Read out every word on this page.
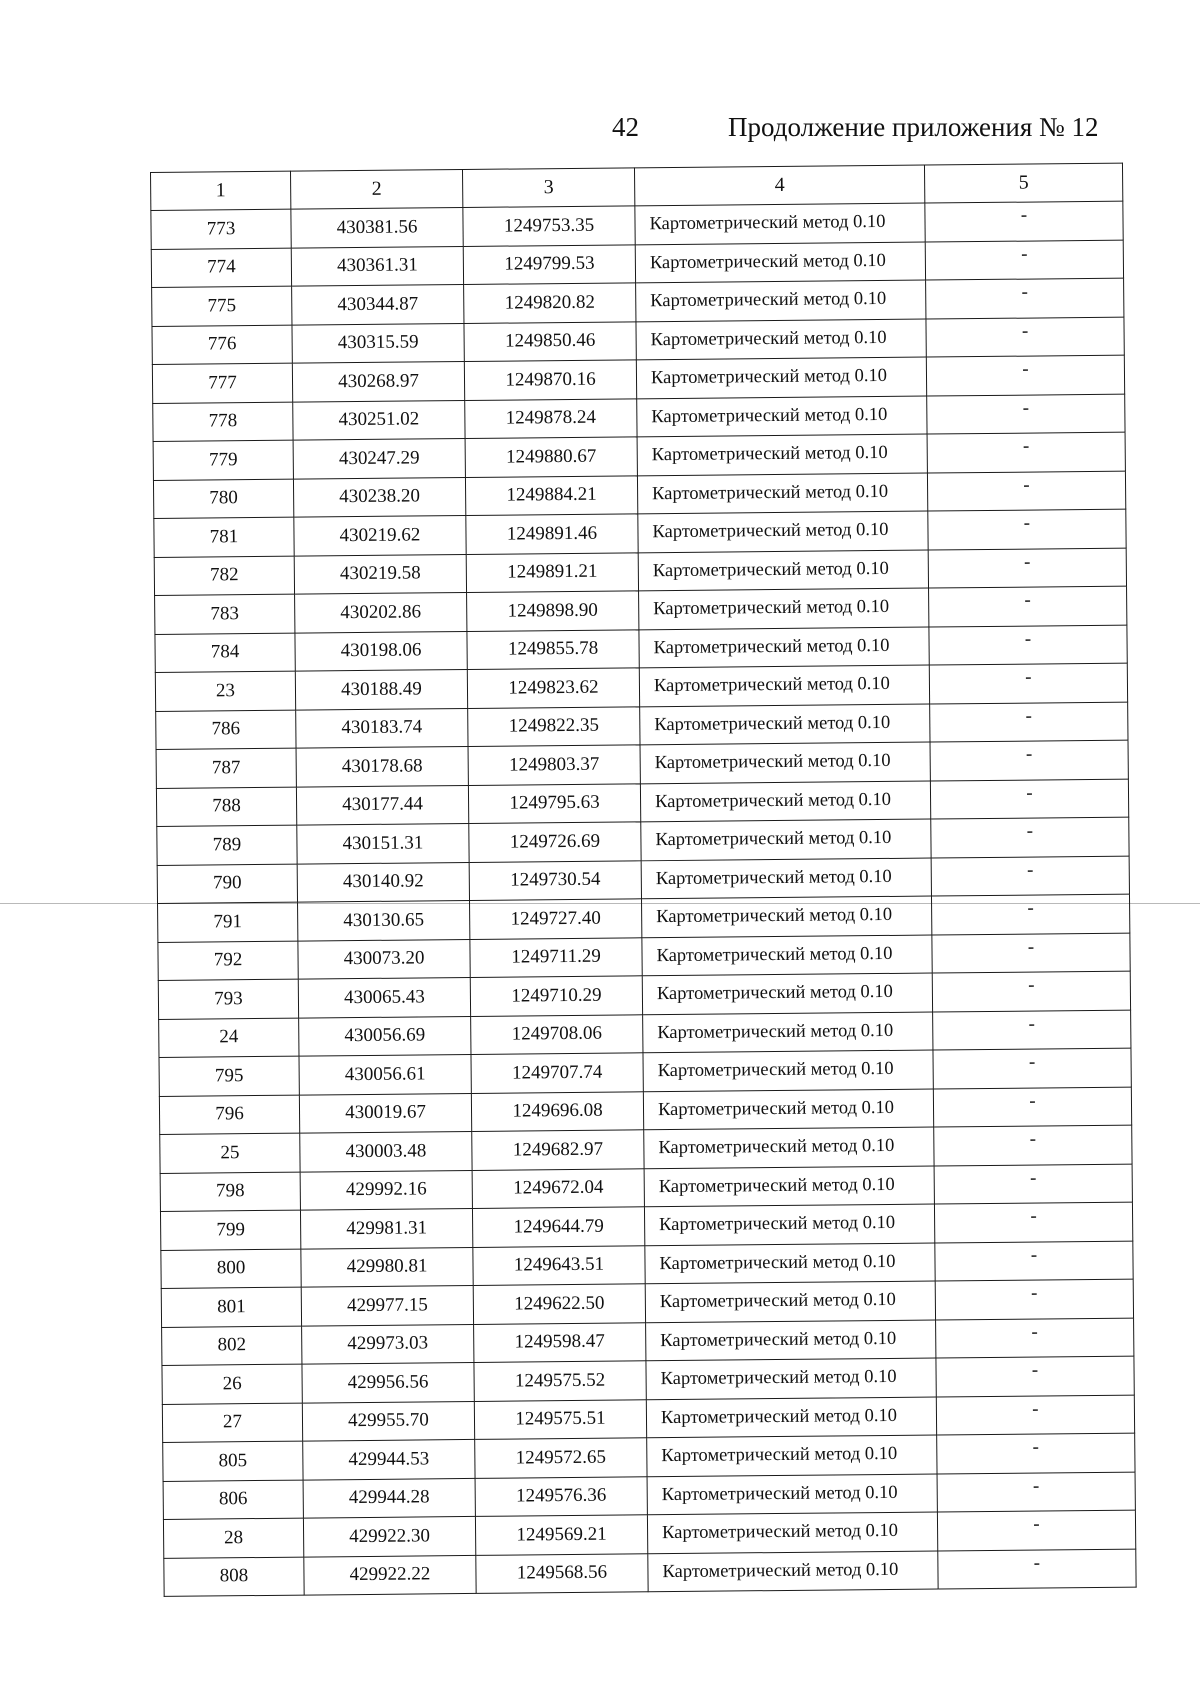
42	Продолжение приложения № 12
1	2	3	4	5
773	430381.56	1249753.35	Картометрический метод 0.10	-
774	430361.31	1249799.53	Картометрический метод 0.10	-
775	430344.87	1249820.82	Картометрический метод 0.10	-
776	430315.59	1249850.46	Картометрический метод 0.10	-
777	430268.97	1249870.16	Картометрический метод 0.10	-
778	430251.02	1249878.24	Картометрический метод 0.10	-
779	430247.29	1249880.67	Картометрический метод 0.10	-
780	430238.20	1249884.21	Картометрический метод 0.10	-
781	430219.62	1249891.46	Картометрический метод 0.10	-
782	430219.58	1249891.21	Картометрический метод 0.10	-
783	430202.86	1249898.90	Картометрический метод 0.10	-
784	430198.06	1249855.78	Картометрический метод 0.10	-
23	430188.49	1249823.62	Картометрический метод 0.10	-
786	430183.74	1249822.35	Картометрический метод 0.10	-
787	430178.68	1249803.37	Картометрический метод 0.10	-
788	430177.44	1249795.63	Картометрический метод 0.10	-
789	430151.31	1249726.69	Картометрический метод 0.10	-
790	430140.92	1249730.54	Картометрический метод 0.10	-
791	430130.65	1249727.40	Картометрический метод 0.10	-
792	430073.20	1249711.29	Картометрический метод 0.10	-
793	430065.43	1249710.29	Картометрический метод 0.10	-
24	430056.69	1249708.06	Картометрический метод 0.10	-
795	430056.61	1249707.74	Картометрический метод 0.10	-
796	430019.67	1249696.08	Картометрический метод 0.10	-
25	430003.48	1249682.97	Картометрический метод 0.10	-
798	429992.16	1249672.04	Картометрический метод 0.10	-
799	429981.31	1249644.79	Картометрический метод 0.10	-
800	429980.81	1249643.51	Картометрический метод 0.10	-
801	429977.15	1249622.50	Картометрический метод 0.10	-
802	429973.03	1249598.47	Картометрический метод 0.10	-
26	429956.56	1249575.52	Картометрический метод 0.10	-
27	429955.70	1249575.51	Картометрический метод 0.10	-
805	429944.53	1249572.65	Картометрический метод 0.10	-
806	429944.28	1249576.36	Картометрический метод 0.10	-
28	429922.30	1249569.21	Картометрический метод 0.10	-
808	429922.22	1249568.56	Картометрический метод 0.10	-
